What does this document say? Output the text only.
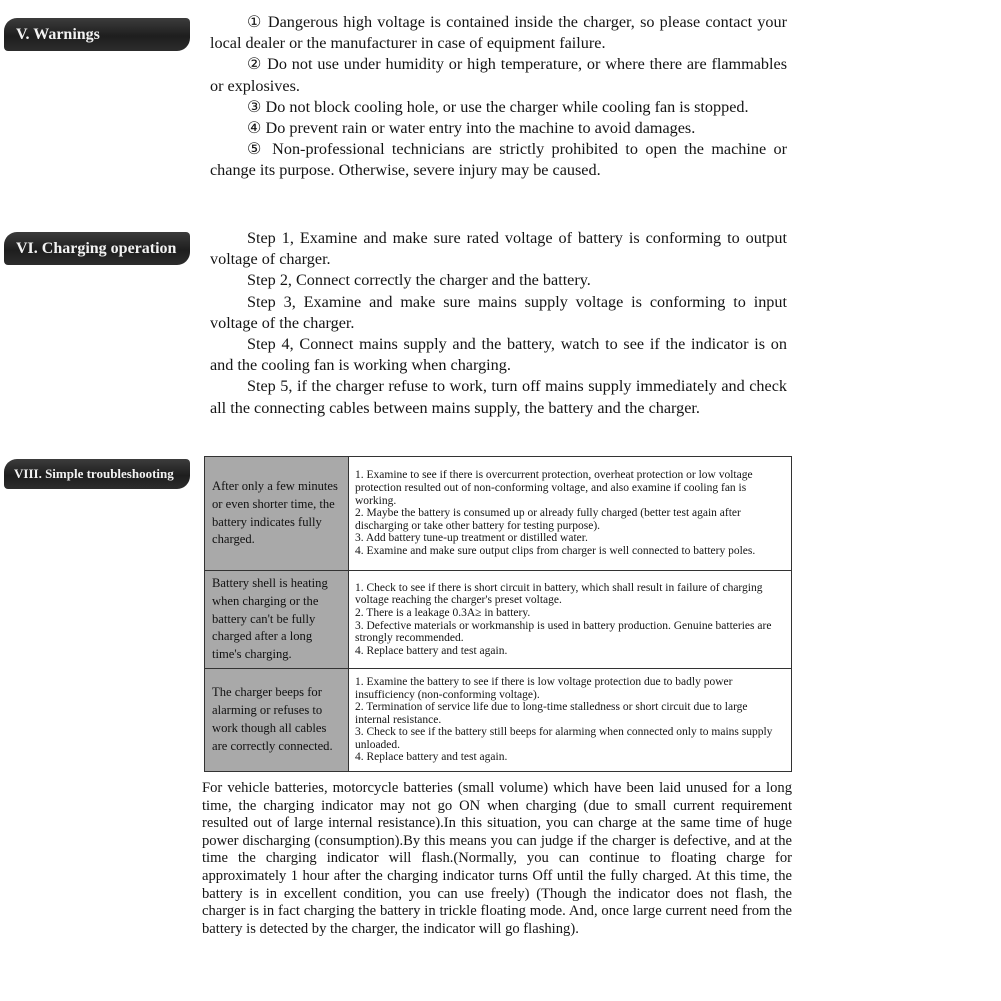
V. Warnings

① Dangerous high voltage is contained inside the charger, so please contact your local dealer or the manufacturer in case of equipment failure.

② Do not use under humidity or high temperature, or where there are flammables or explosives.

③ Do not block cooling hole, or use the charger while cooling fan is stopped.

④ Do prevent rain or water entry into the machine to avoid damages.

⑤ Non-professional technicians are strictly prohibited to open the machine or change its purpose. Otherwise, severe injury may be caused.

VI. Charging operation

Step 1, Examine and make sure rated voltage of battery is conforming to output voltage of charger.

Step 2, Connect correctly the charger and the battery.

Step 3, Examine and make sure mains supply voltage is conforming to input voltage of the charger.

Step 4, Connect mains supply and the battery, watch to see if the indicator is on and the cooling fan is working when charging.

Step 5, if the charger refuse to work, turn off mains supply immediately and check all the connecting cables between mains supply, the battery and the charger.

VIII. Simple troubleshooting
After only a few minutes or even shorter time, the battery indicates fully charged.	1. Examine to see if there is overcurrent protection, overheat protection or low voltage protection resulted out of non-conforming voltage, and also examine if cooling fan is working.
2. Maybe the battery is consumed up or already fully charged (better test again after discharging or take other battery for testing purpose).
3. Add battery tune-up treatment or distilled water.
4. Examine and make sure output clips from charger is well connected to battery poles.

Battery shell is heating when charging or the battery can't be fully charged after a long time's charging.	1. Check to see if there is short circuit in battery, which shall result in failure of charging voltage reaching the charger's preset voltage.
2. There is a leakage 0.3A≥ in battery.
3. Defective materials or workmanship is used in battery production. Genuine batteries are strongly recommended.
4. Replace battery and test again.

The charger beeps for alarming or refuses to work though all cables are correctly connected.	1. Examine the battery to see if there is low voltage protection due to badly power insufficiency (non-conforming voltage).
2. Termination of service life due to long-time stalledness or short circuit due to large internal resistance.
3. Check to see if the battery still beeps for alarming when connected only to mains supply unloaded.
4. Replace battery and test again.

For vehicle batteries, motorcycle batteries (small volume) which have been laid unused for a long time, the charging indicator may not go ON when charging (due to small current requirement resulted out of large internal resistance).In this situation, you can charge at the same time of huge power discharging (consumption).By this means you can judge if the charger is defective, and at the time the charging indicator will flash.(Normally, you can continue to floating charge for approximately 1 hour after the charging indicator turns Off until the fully charged. At this time, the battery is in excellent condition, you can use freely) (Though the indicator does not flash, the charger is in fact charging the battery in trickle floating mode. And, once large current need from the battery is detected by the charger, the indicator will go flashing).
